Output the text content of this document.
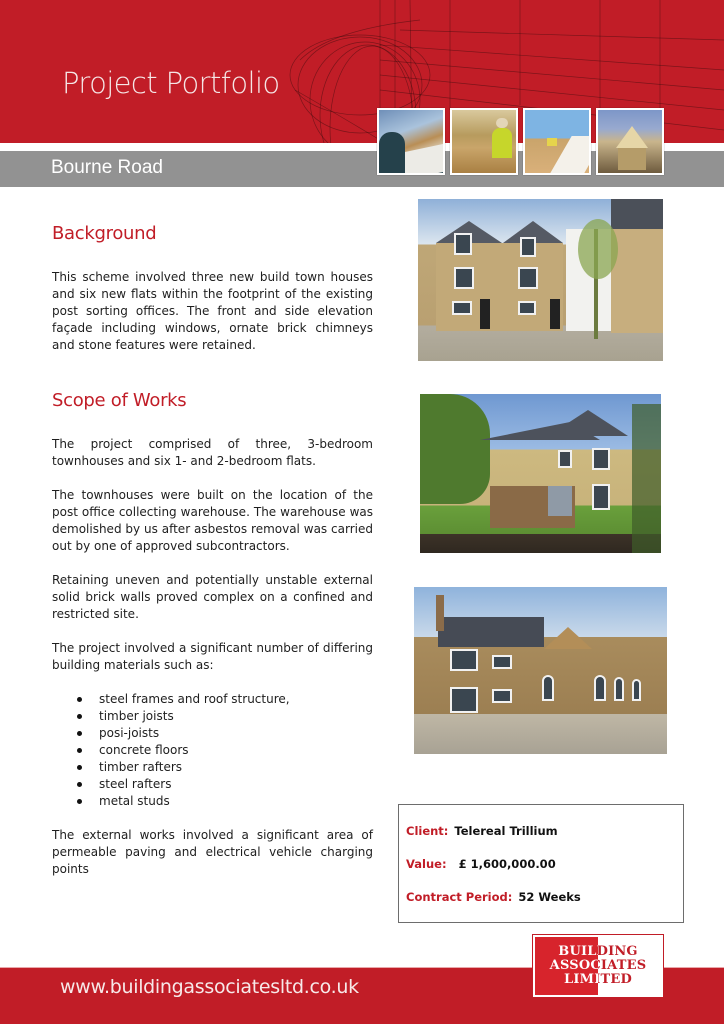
Project Portfolio
Bourne Road
Background

This scheme involved three new build town houses and six new flats within the footprint of the existing post sorting offices. The front and side elevation façade including windows, ornate brick chimneys and stone features were retained.

Scope of Works

The project comprised of three, 3-bedroom townhouses and six 1- and 2-bedroom flats.

The townhouses were built on the location of the post office collecting warehouse. The warehouse was demolished by us after asbestos removal was carried out by one of approved subcontractors.

Retaining uneven and potentially unstable external solid brick walls proved complex on a confined and restricted site.

The project involved a significant number of differing building materials such as:

steel frames and roof structure,
timber joists
posi-joists
concrete floors
timber rafters
steel rafters
metal studs

The external works involved a significant area of permeable paving and electrical vehicle charging points

Client: Telereal Trillium
Value: £ 1,600,000.00
Contract Period: 52 Weeks
www.buildingassociatesltd.co.uk
BUILDING
ASSOCIATES
LIMITED
